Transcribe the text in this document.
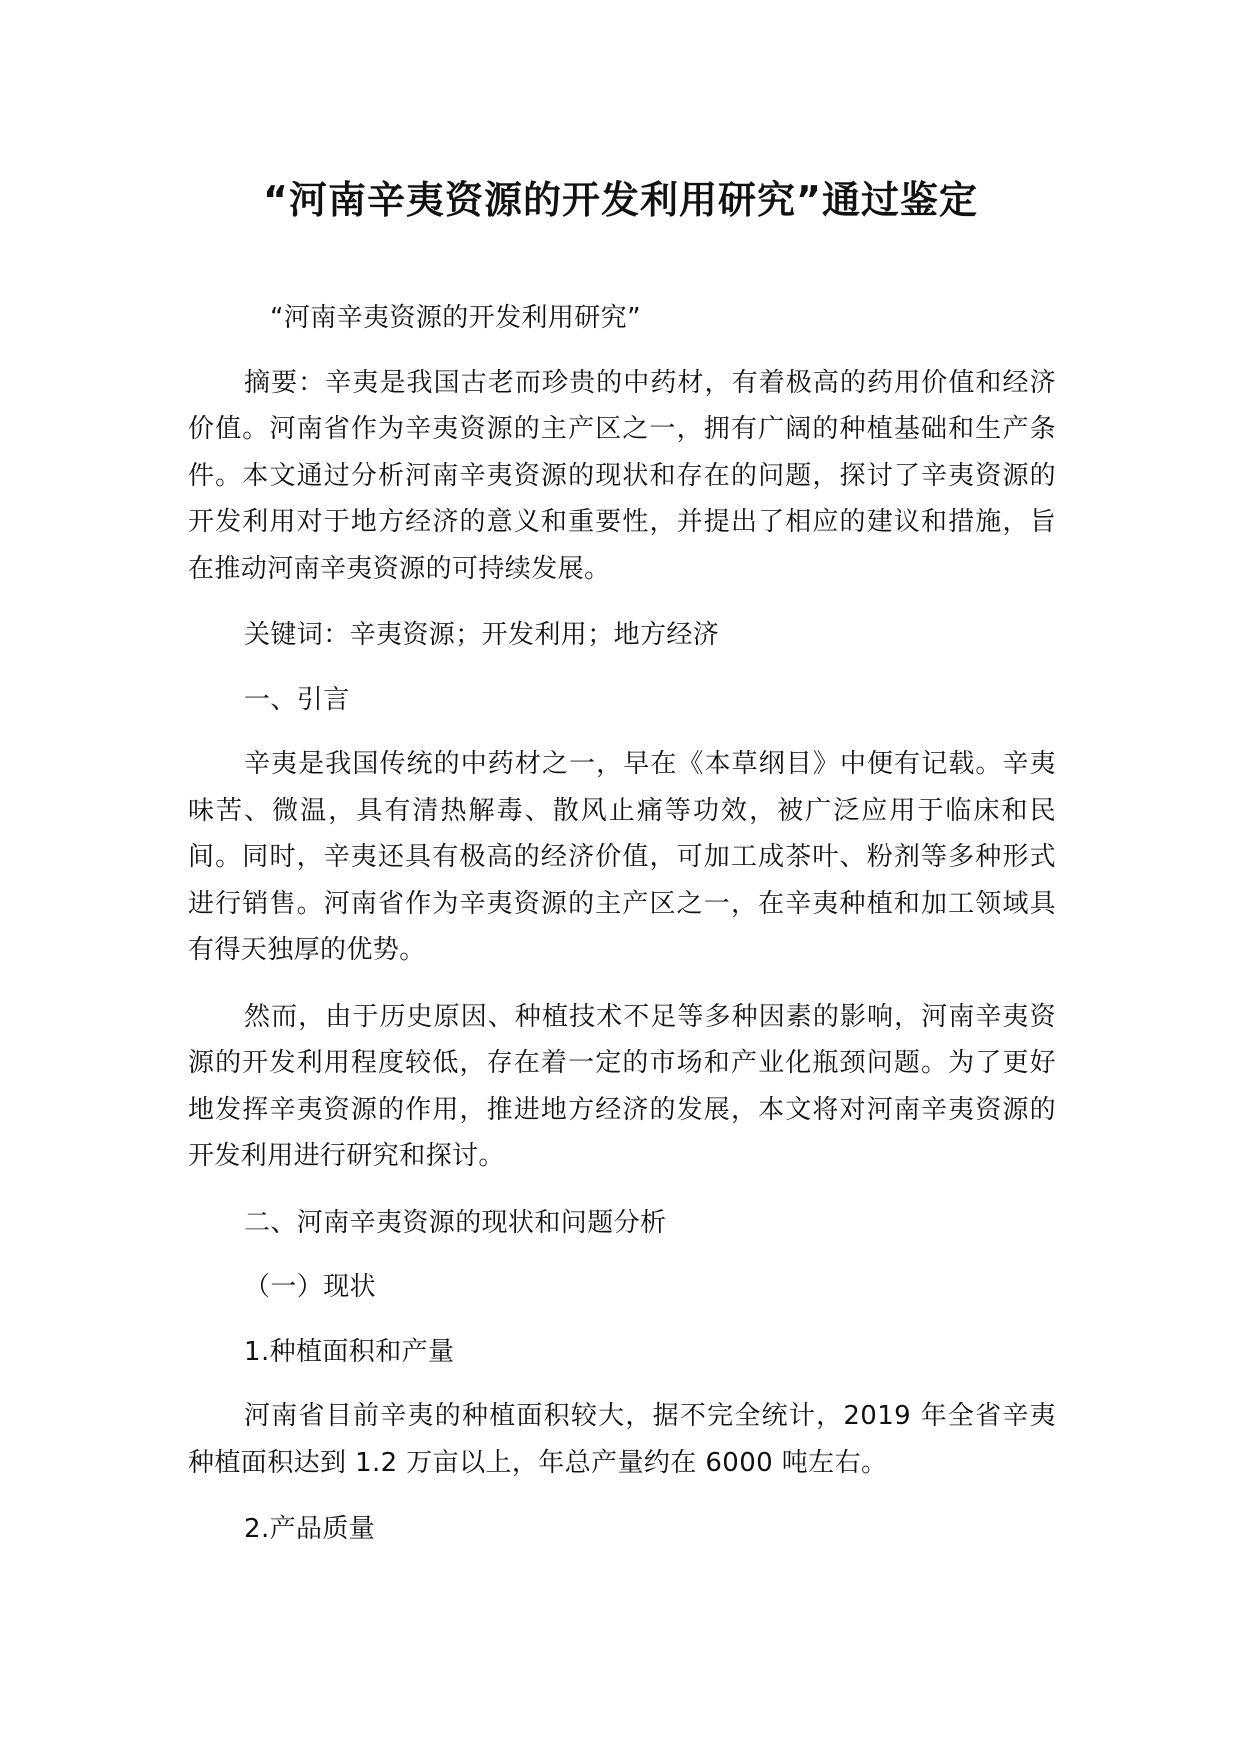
“河南辛夷资源的开发利用研究”通过鉴定

“河南辛夷资源的开发利用研究”

摘要：辛夷是我国古老而珍贵的中药材，有着极高的药用价值和经济价值。河南省作为辛夷资源的主产区之一，拥有广阔的种植基础和生产条件。本文通过分析河南辛夷资源的现状和存在的问题，探讨了辛夷资源的开发利用对于地方经济的意义和重要性，并提出了相应的建议和措施，旨在推动河南辛夷资源的可持续发展。

关键词：辛夷资源；开发利用；地方经济

一、引言

辛夷是我国传统的中药材之一，早在《本草纲目》中便有记载。辛夷味苦、微温，具有清热解毒、散风止痛等功效，被广泛应用于临床和民间。同时，辛夷还具有极高的经济价值，可加工成茶叶、粉剂等多种形式进行销售。河南省作为辛夷资源的主产区之一，在辛夷种植和加工领域具有得天独厚的优势。

然而，由于历史原因、种植技术不足等多种因素的影响，河南辛夷资源的开发利用程度较低，存在着一定的市场和产业化瓶颈问题。为了更好地发挥辛夷资源的作用，推进地方经济的发展，本文将对河南辛夷资源的开发利用进行研究和探讨。

二、河南辛夷资源的现状和问题分析

（一）现状

1.种植面积和产量

河南省目前辛夷的种植面积较大，据不完全统计，2019 年全省辛夷种植面积达到 1.2 万亩以上，年总产量约在 6000 吨左右。

2.产品质量
